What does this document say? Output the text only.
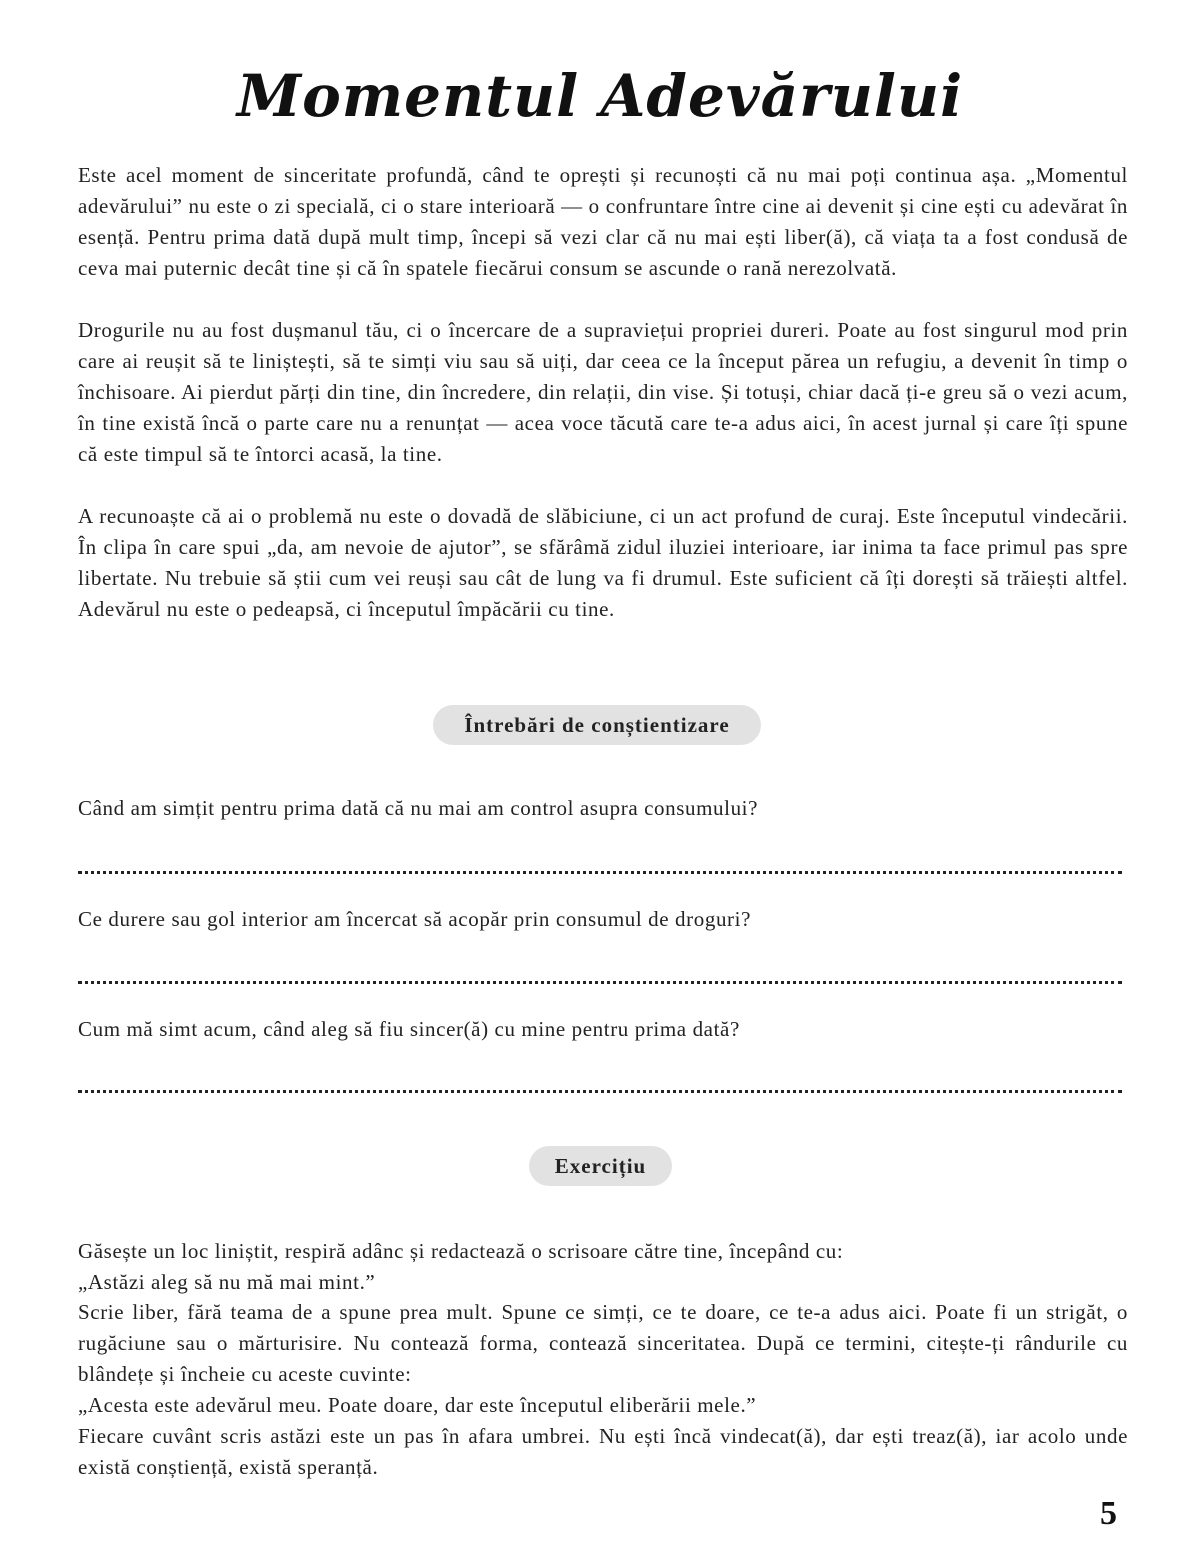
Momentul Adevărului

Este acel moment de sinceritate profundă, când te oprești și recunoști că nu mai poți continua așa. „Momentul adevărului” nu este o zi specială, ci o stare interioară — o confruntare între cine ai devenit și cine ești cu adevărat în esență. Pentru prima dată după mult timp, începi să vezi clar că nu mai ești liber(ă), că viața ta a fost condusă de ceva mai puternic decât tine și că în spatele fiecărui consum se ascunde o rană nerezolvată.

Drogurile nu au fost dușmanul tău, ci o încercare de a supraviețui propriei dureri. Poate au fost singurul mod prin care ai reușit să te liniștești, să te simți viu sau să uiți, dar ceea ce la început părea un refugiu, a devenit în timp o închisoare. Ai pierdut părți din tine, din încredere, din relații, din vise. Și totuși, chiar dacă ți-e greu să o vezi acum, în tine există încă o parte care nu a renunțat — acea voce tăcută care te-a adus aici, în acest jurnal și care îți spune că este timpul să te întorci acasă, la tine.

A recunoaște că ai o problemă nu este o dovadă de slăbiciune, ci un act profund de curaj. Este începutul vindecării. În clipa în care spui „da, am nevoie de ajutor”, se sfărâmă zidul iluziei interioare, iar inima ta face primul pas spre libertate. Nu trebuie să știi cum vei reuși sau cât de lung va fi drumul. Este suficient că îți dorești să trăiești altfel. Adevărul nu este o pedeapsă, ci începutul împăcării cu tine.

Întrebări de conștientizare

Când am simțit pentru prima dată că nu mai am control asupra consumului?

Ce durere sau gol interior am încercat să acopăr prin consumul de droguri?

Cum mă simt acum, când aleg să fiu sincer(ă) cu mine pentru prima dată?

Exercițiu

Găsește un loc liniștit, respiră adânc și redactează o scrisoare către tine, începând cu:

„Astăzi aleg să nu mă mai mint.”

Scrie liber, fără teama de a spune prea mult. Spune ce simți, ce te doare, ce te-a adus aici. Poate fi un strigăt, o rugăciune sau o mărturisire. Nu contează forma, contează sinceritatea. După ce termini, citește-ți rândurile cu blândețe și încheie cu aceste cuvinte:

„Acesta este adevărul meu. Poate doare, dar este începutul eliberării mele.”

Fiecare cuvânt scris astăzi este un pas în afara umbrei. Nu ești încă vindecat(ă), dar ești treaz(ă), iar acolo unde există conștiență, există speranță.

5
